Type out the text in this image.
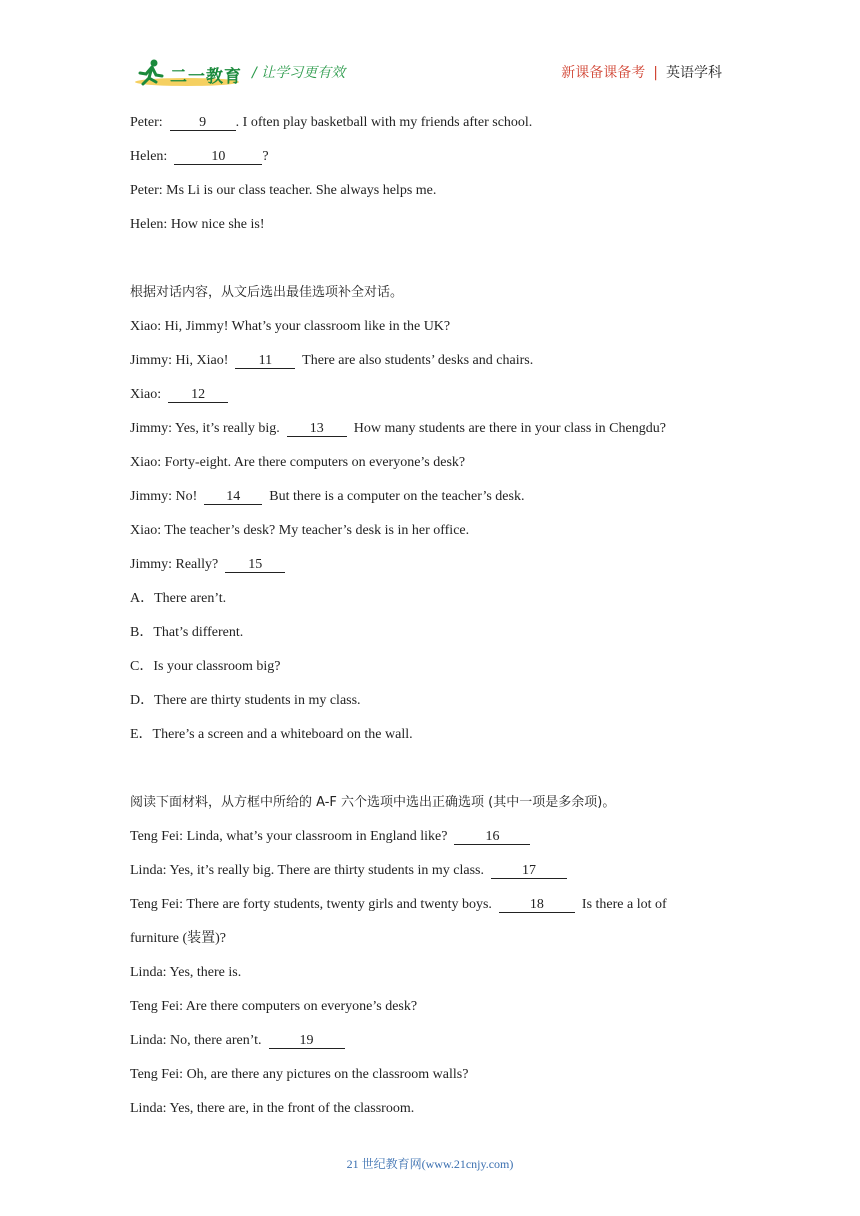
二一教育 / 让学习更有效	新课备课备考 | 英语学科
Peter:	9 . I often play basketball with my friends after school.
Helen:	10	?
Peter: Ms Li is our class teacher. She always helps me.
Helen: How nice she is!
根据对话内容，从文后选出最佳选项补全对话。
Xiao: Hi, Jimmy! What’s your classroom like in the UK?
Jimmy: Hi, Xiao! 11 There are also students’ desks and chairs.
Xiao: 12
Jimmy: Yes, it’s really big. 13 How many students are there in your class in Chengdu?
Xiao: Forty-eight. Are there computers on everyone’s desk?
Jimmy: No! 14 But there is a computer on the teacher’s desk.
Xiao: The teacher’s desk? My teacher’s desk is in her office.
Jimmy: Really? 15
A．There aren’t.
B．That’s different.
C．Is your classroom big?
D．There are thirty students in my class.
E．There’s a screen and a whiteboard on the wall.
阅读下面材料，从方框中所给的 A-F 六个选项中选出正确选项 (其中一项是多余项)。
Teng Fei: Linda, what’s your classroom in England like?	16
Linda: Yes, it’s really big. There are thirty students in my class.	17
Teng Fei: There are forty students, twenty girls and twenty boys.	18	Is there a lot of
furniture (装置)?
Linda: Yes, there is.
Teng Fei: Are there computers on everyone’s desk?
Linda: No, there aren’t.	19
Teng Fei: Oh, are there any pictures on the classroom walls?
Linda: Yes, there are, in the front of the classroom.
21 世纪教育网(www.21cnjy.com)
